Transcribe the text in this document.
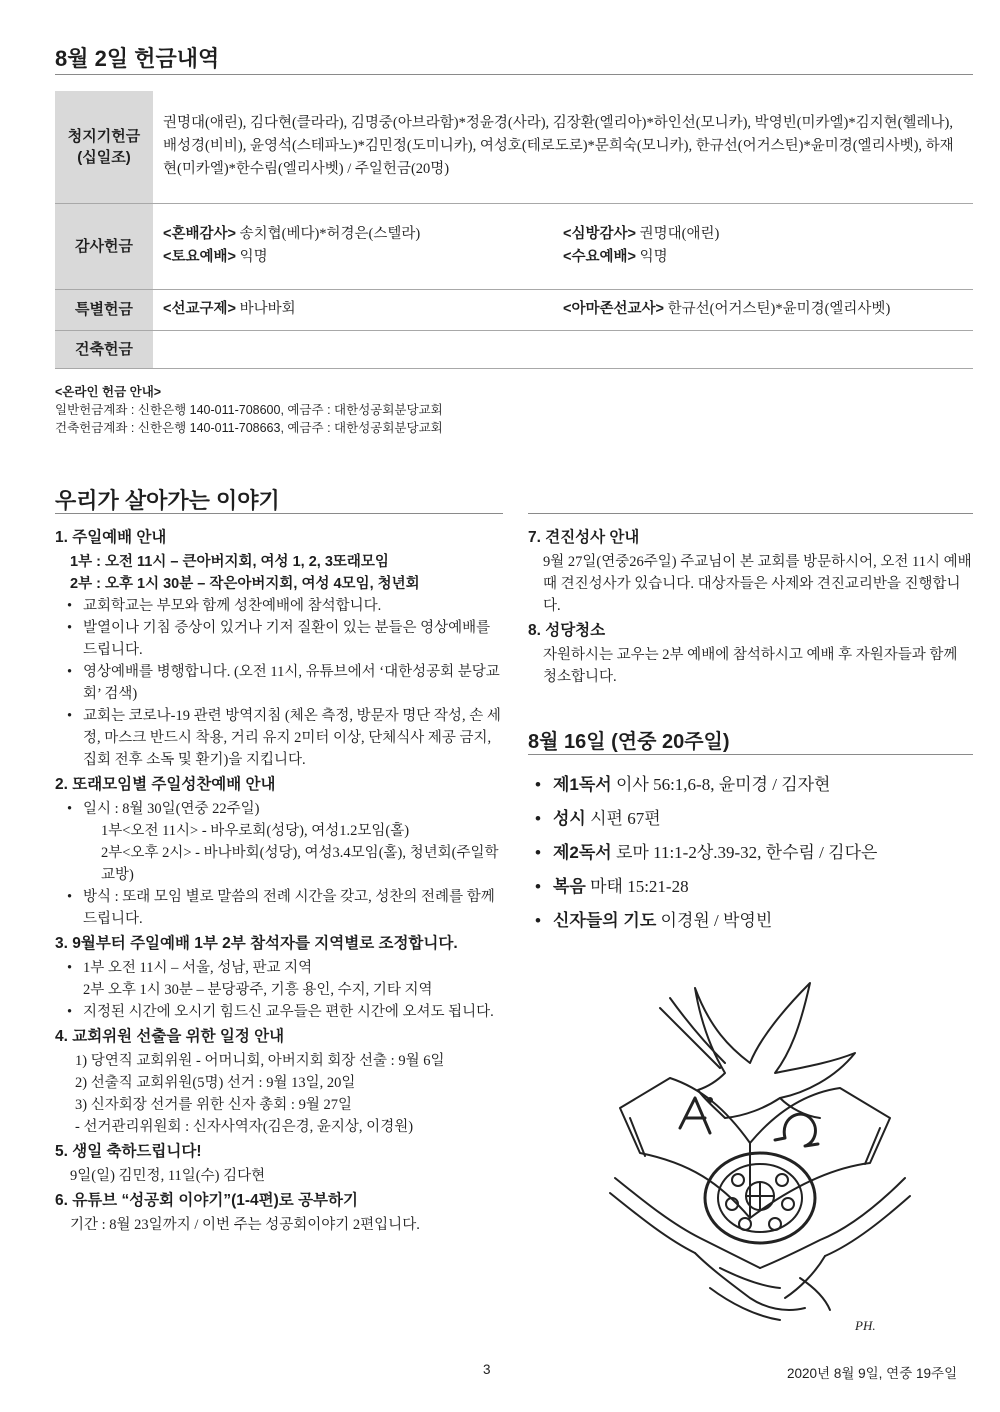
8월 2일 헌금내역
청지기헌금
(십일조)	권명대(애린), 김다현(클라라), 김명중(아브라함)*정윤경(사라), 김장환(엘리아)*하인선(모니카), 박영빈(미카엘)*김지현(헬레나), 배성경(비비), 윤영석(스테파노)*김민정(도미니카), 여성호(테로도로)*문희숙(모니카), 한규선(어거스틴)*윤미경(엘리사벳), 하재현(미카엘)*한수림(엘리사벳) / 주일헌금(20명)
감사헌금	<혼배감사> 송치협(베다)*허경은(스텔라) <심방감사> 권명대(애린)
<토요예배> 익명 <수요예배> 익명

특별헌금	<선교구제> 바나바회 <아마존선교사> 한규선(어거스틴)*윤미경(엘리사벳)

건축헌금	
<온라인 헌금 안내>
일반헌금계좌 : 신한은행 140-011-708600, 예금주 : 대한성공회분당교회
건축헌금계좌 : 신한은행 140-011-708663, 예금주 : 대한성공회분당교회
우리가 살아가는 이야기
1. 주일예배 안내
1부 : 오전 11시 – 큰아버지회, 여성 1, 2, 3또래모임
2부 : 오후 1시 30분 – 작은아버지회, 여성 4모임, 청년회
• 교회학교는 부모와 함께 성찬예배에 참석합니다.
• 발열이나 기침 증상이 있거나 기저 질환이 있는 분들은 영상예배를 드립니다.
• 영상예배를 병행합니다. (오전 11시, 유튜브에서 ‘대한성공회 분당교회’ 검색)
• 교회는 코로나-19 관련 방역지침 (체온 측정, 방문자 명단 작성, 손 세정, 마스크 반드시 착용, 거리 유지 2미터 이상, 단체식사 제공 금지, 집회 전후 소독 및 환기)을 지킵니다.
2. 또래모임별 주일성찬예배 안내
• 일시 : 8월 30일(연중 22주일)
1부<오전 11시> - 바우로회(성당), 여성1.2모임(홀)
2부<오후 2시> - 바나바회(성당), 여성3.4모임(홀), 청년회(주일학교방)
• 방식 : 또래 모임 별로 말씀의 전례 시간을 갖고, 성찬의 전례를 함께 드립니다.
3. 9월부터 주일예배 1부 2부 참석자를 지역별로 조정합니다.
• 1부 오전 11시 – 서울, 성남, 판교 지역
2부 오후 1시 30분 – 분당광주, 기흥 용인, 수지, 기타 지역
• 지정된 시간에 오시기 힘드신 교우들은 편한 시간에 오셔도 됩니다.
4. 교회위원 선출을 위한 일정 안내
1) 당연직 교회위원 - 어머니회, 아버지회 회장 선출 : 9월 6일
2) 선출직 교회위원(5명) 선거 : 9월 13일, 20일
3) 신자회장 선거를 위한 신자 총회 : 9월 27일
- 선거관리위원회 : 신자사역자(김은경, 윤지상, 이경원)
5. 생일 축하드립니다!
9일(일) 김민정, 11일(수) 김다현
6. 유튜브 “성공회 이야기”(1-4편)로 공부하기
기간 : 8월 23일까지 / 이번 주는 성공회이야기 2편입니다.
7. 견진성사 안내
9월 27일(연중26주일) 주교님이 본 교회를 방문하시어, 오전 11시 예배 때 견진성사가 있습니다. 대상자들은 사제와 견진교리반을 진행합니다.
8. 성당청소
자원하시는 교우는 2부 예배에 참석하시고 예배 후 자원자들과 함께 청소합니다.
8월 16일 (연중 20주일)
• 제1독서 이사 56:1,6-8, 윤미경 / 김자현
• 성시 시편 67편
• 제2독서 로마 11:1-2상.39-32, 한수림 / 김다은
• 복음 마태 15:21-28
• 신자들의 기도 이경원 / 박영빈
PH.
3	2020년 8월 9일, 연중 19주일
